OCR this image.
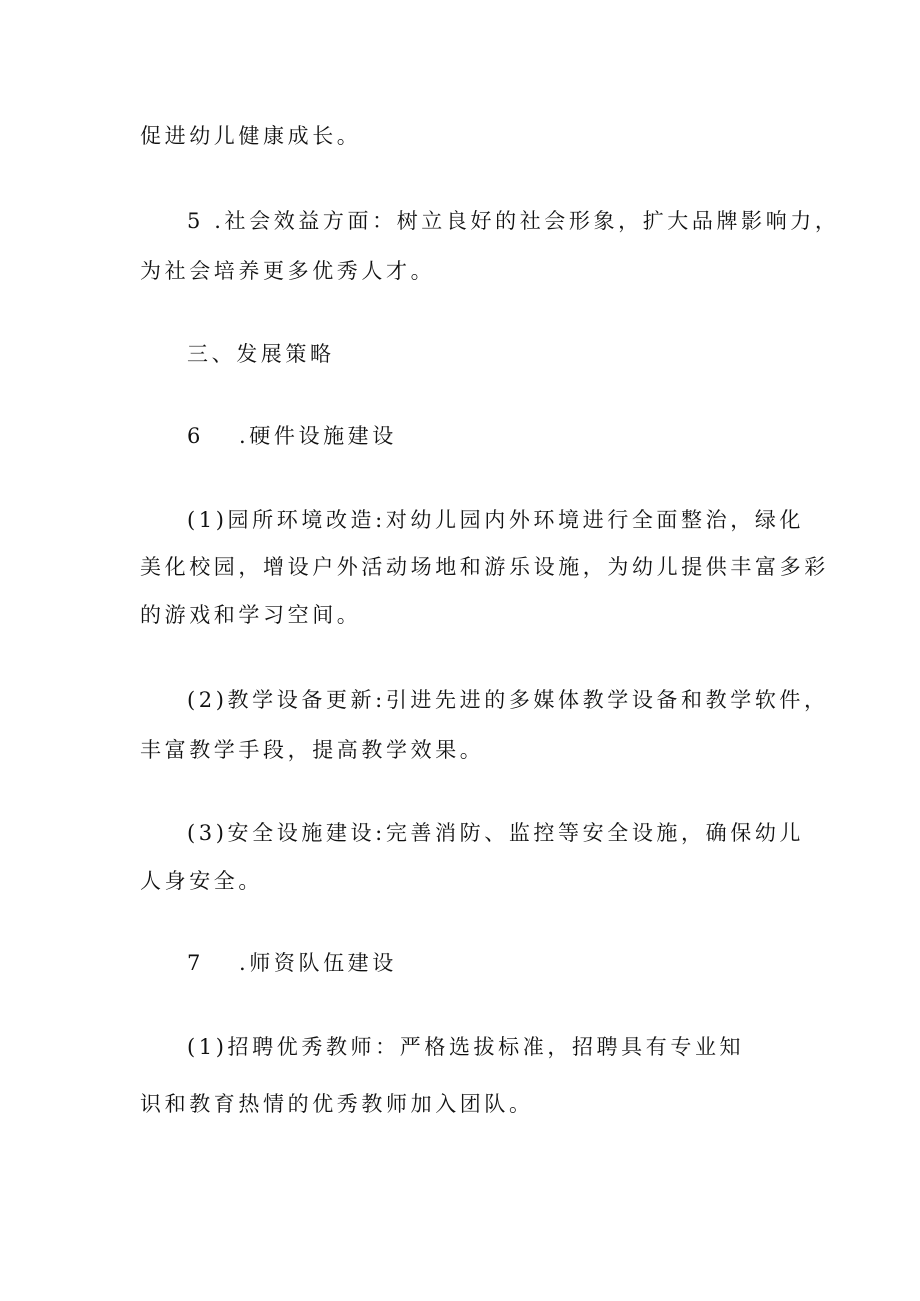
促进幼儿健康成长。
5 .社会效益方面：树立良好的社会形象，扩大品牌影响力，
为社会培养更多优秀人才。
三、发展策略
6 .硬件设施建设
(1)园所环境改造:对幼儿园内外环境进行全面整治，绿化
美化校园，增设户外活动场地和游乐设施，为幼儿提供丰富多彩
的游戏和学习空间。
(2)教学设备更新:引进先进的多媒体教学设备和教学软件，
丰富教学手段，提高教学效果。
(3)安全设施建设:完善消防、监控等安全设施，确保幼儿
人身安全。
7 .师资队伍建设
(1)招聘优秀教师：严格选拔标准，招聘具有专业知
识和教育热情的优秀教师加入团队。
